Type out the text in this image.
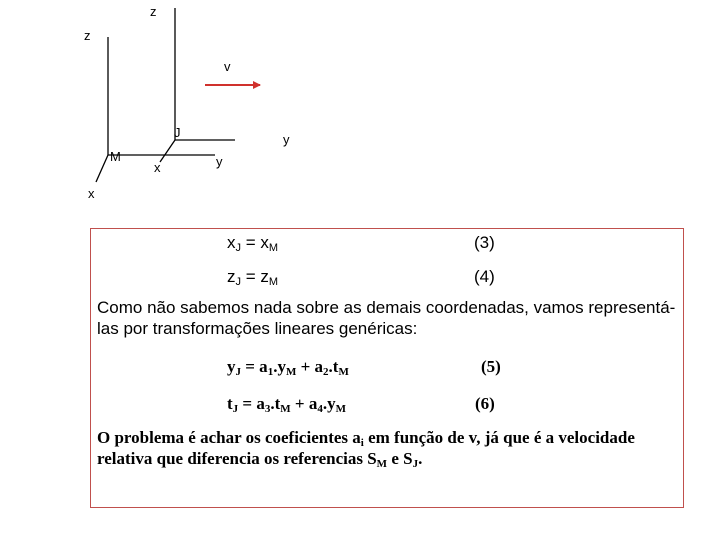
z
M
x
y
z
J
x
y
v
$x_J = x_M$	(3)
$z_J = z_M$	(4)
Como não sabemos nada sobre as demais coordenadas, vamos representá-las por transformações lineares genéricas:
$y_J = a_1.y_M + a_2.t_M$	(5)
$t_J = a_3.t_M + a_4.y_M$	(6)
O problema é achar os coeficientes $a_i$ em função de v, já que é a velocidade relativa que diferencia os referencias $S_M$ e $S_J$.
